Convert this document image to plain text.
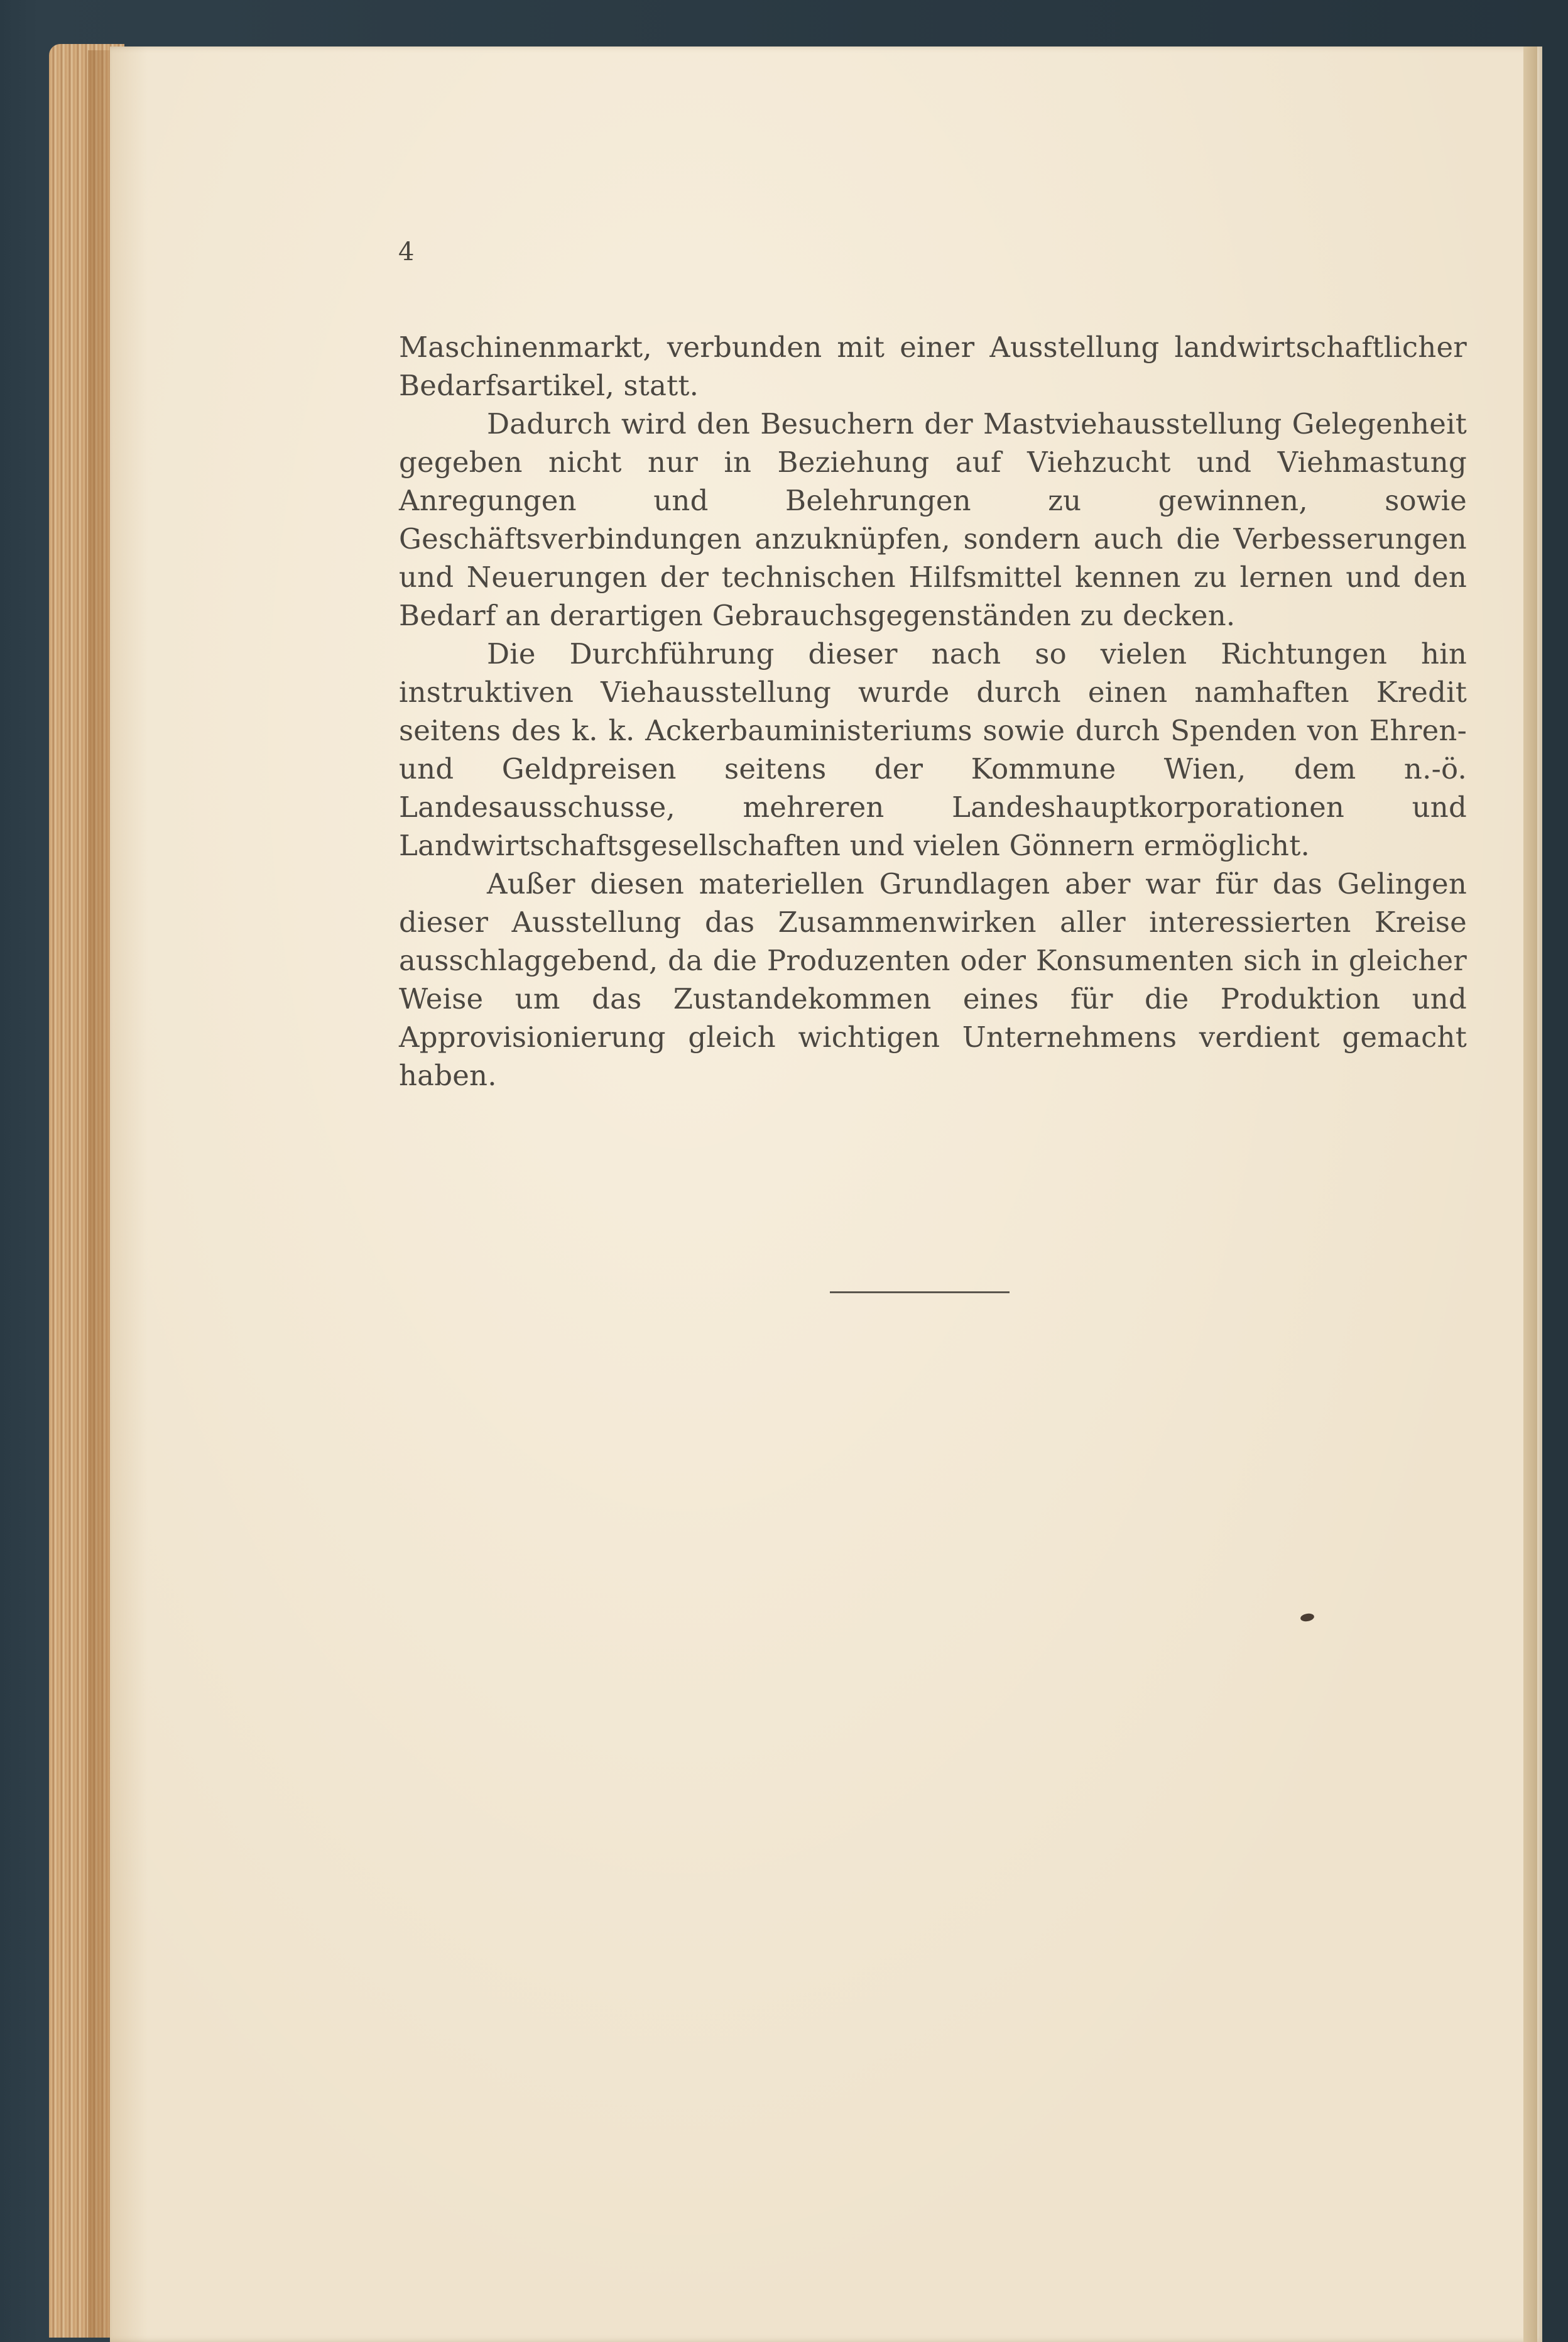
4

Maschinenmarkt, verbunden mit einer Ausstellung landwirtschaftlicher Bedarfsartikel, statt.

Dadurch wird den Besuchern der Mastviehausstellung Gelegenheit gegeben nicht nur in Beziehung auf Viehzucht und Viehmastung Anregungen und Belehrungen zu gewinnen, sowie Geschäftsverbindungen anzuknüpfen, sondern auch die Verbesserungen und Neuerungen der technischen Hilfsmittel kennen zu lernen und den Bedarf an derartigen Gebrauchsgegenständen zu decken.

Die Durchführung dieser nach so vielen Richtungen hin instruktiven Viehausstellung wurde durch einen namhaften Kredit seitens des k. k. Ackerbauministeriums sowie durch Spenden von Ehren- und Geldpreisen seitens der Kommune Wien, dem n.-ö. Landesausschusse, mehreren Landeshauptkorporationen und Landwirtschaftsgesellschaften und vielen Gönnern ermöglicht.

Außer diesen materiellen Grundlagen aber war für das Gelingen dieser Ausstellung das Zusammenwirken aller interessierten Kreise ausschlaggebend, da die Produzenten oder Konsumenten sich in gleicher Weise um das Zustandekommen eines für die Produktion und Approvisionierung gleich wichtigen Unternehmens verdient gemacht haben.
